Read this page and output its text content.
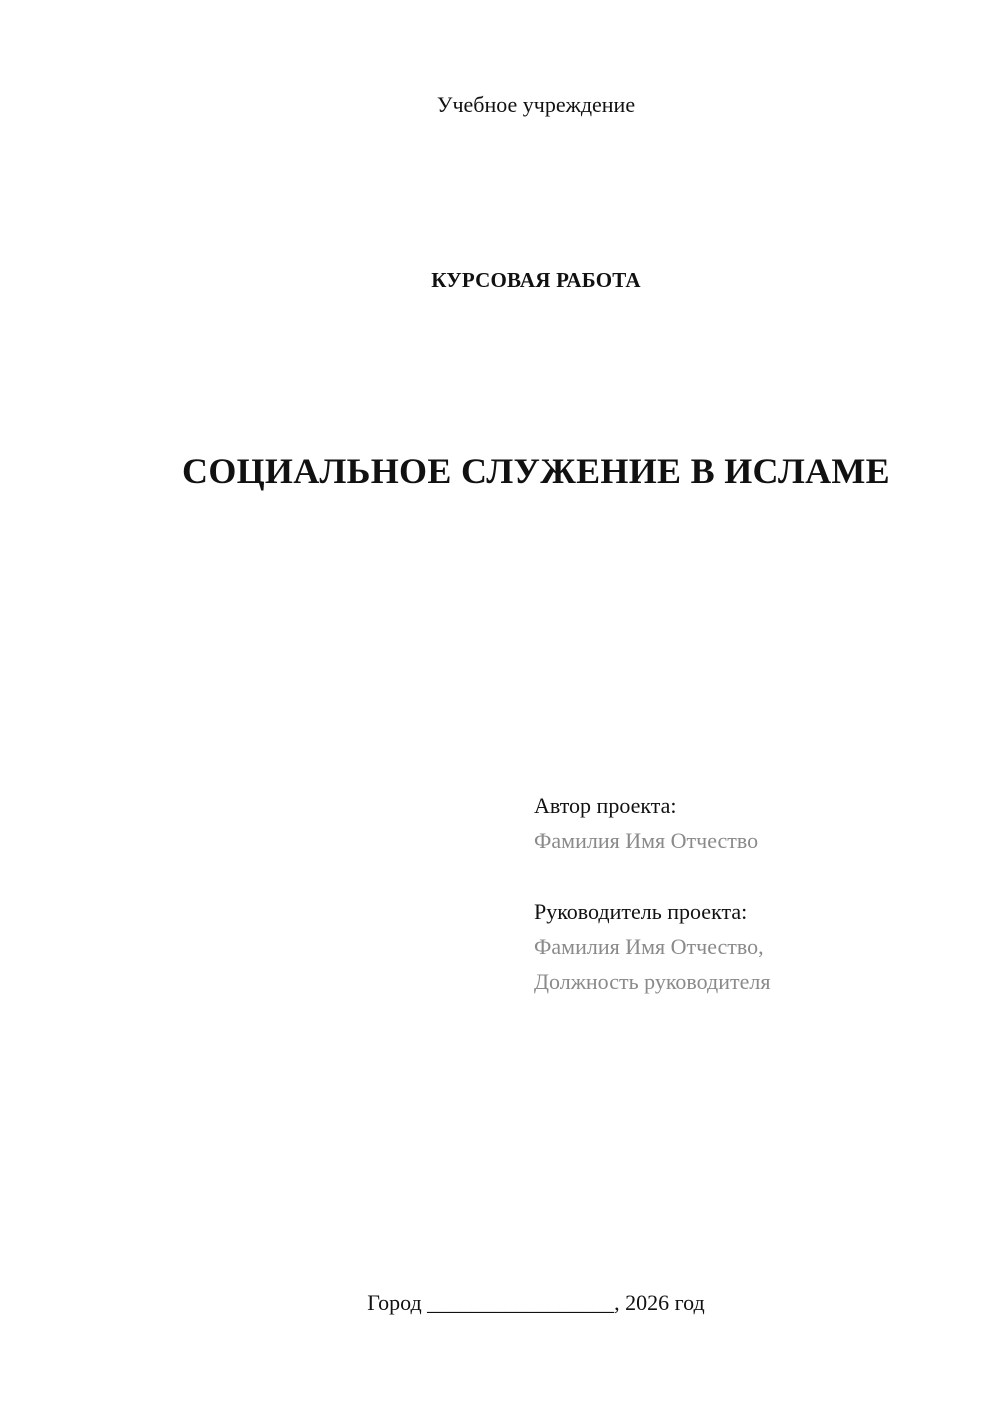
Учебное учреждение
КУРСОВАЯ РАБОТА
СОЦИАЛЬНОЕ СЛУЖЕНИЕ В ИСЛАМЕ
Автор проекта:
Фамилия Имя Отчество
Руководитель проекта:
Фамилия Имя Отчество,
Должность руководителя
Город _________________, 2026 год
